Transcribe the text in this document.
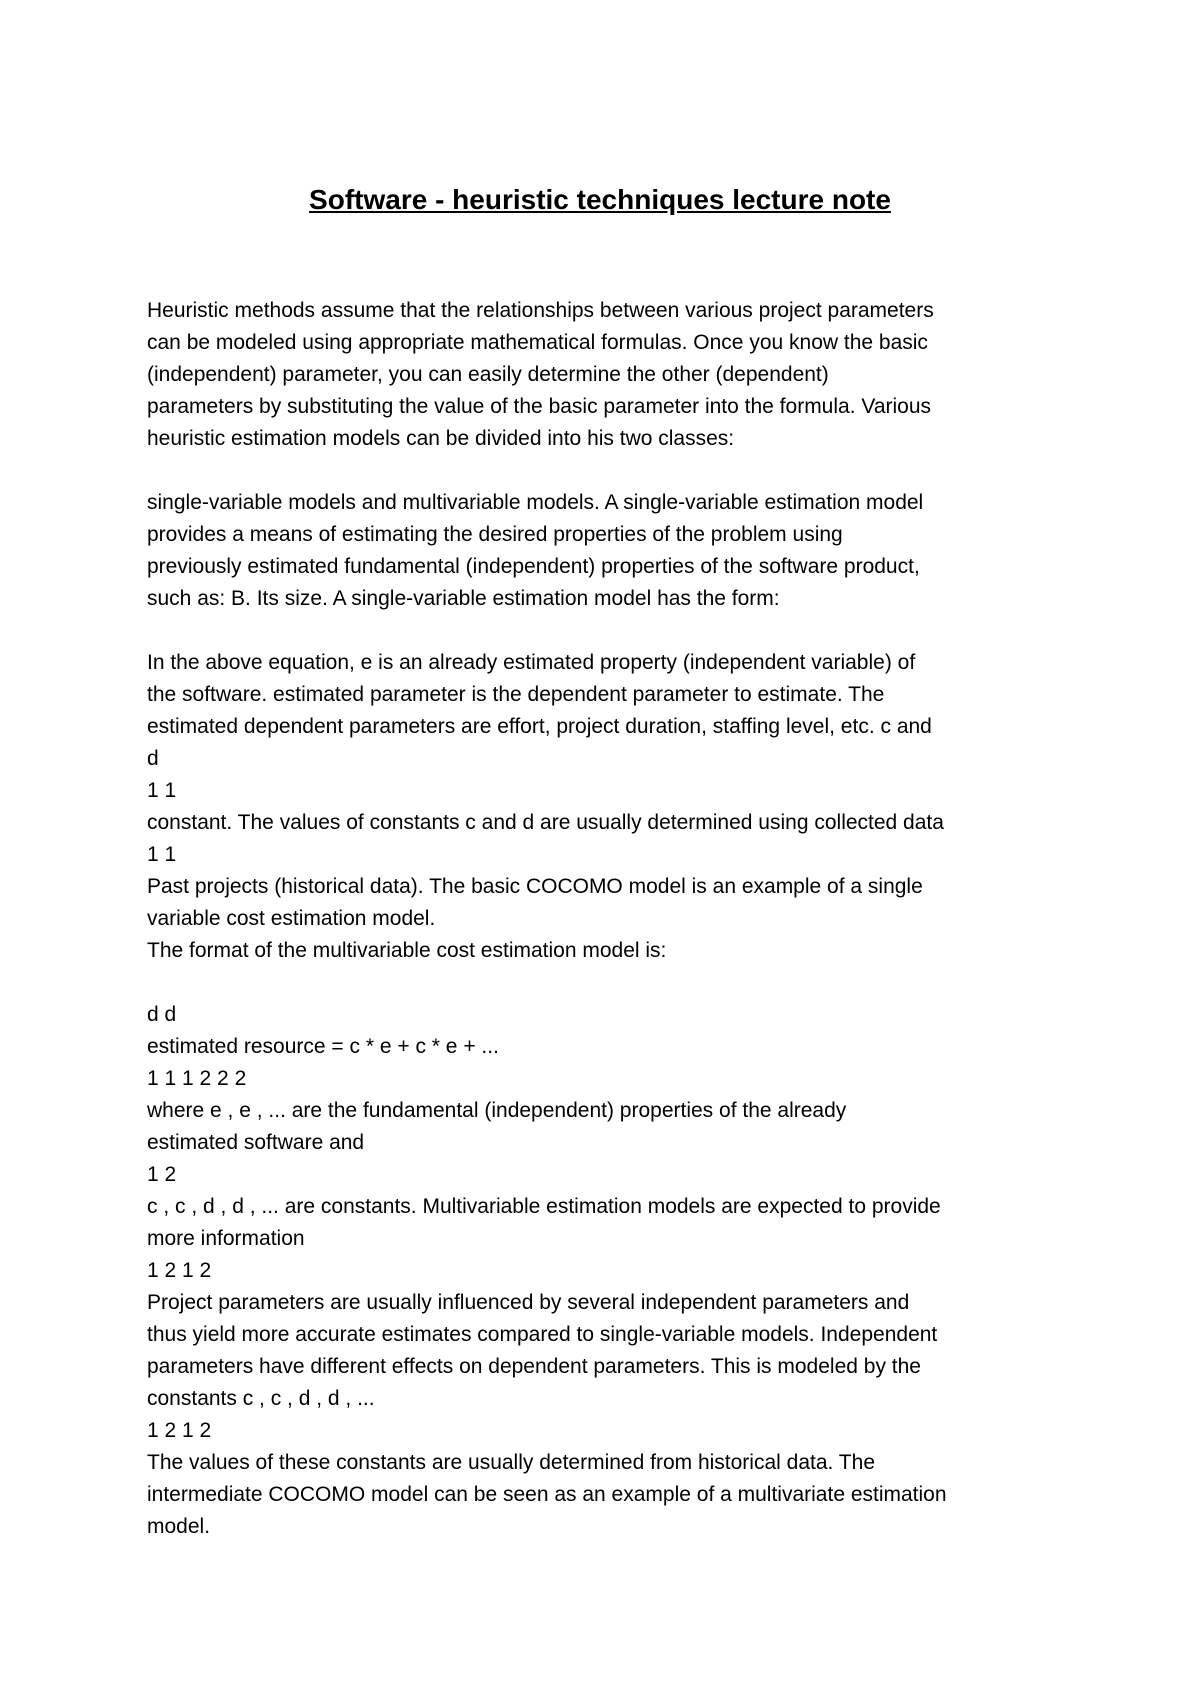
Software - heuristic techniques lecture note
Heuristic methods assume that the relationships between various project parameters
can be modeled using appropriate mathematical formulas. Once you know the basic
(independent) parameter, you can easily determine the other (dependent)
parameters by substituting the value of the basic parameter into the formula. Various
heuristic estimation models can be divided into his two classes:
single-variable models and multivariable models. A single-variable estimation model
provides a means of estimating the desired properties of the problem using
previously estimated fundamental (independent) properties of the software product,
such as: B. Its size. A single-variable estimation model has the form:
In the above equation, e is an already estimated property (independent variable) of
the software. estimated parameter is the dependent parameter to estimate. The
estimated dependent parameters are effort, project duration, staffing level, etc. c and
d
1 1
constant. The values of constants c and d are usually determined using collected data
1 1
Past projects (historical data). The basic COCOMO model is an example of a single
variable cost estimation model.
The format of the multivariable cost estimation model is:
d d
estimated resource = c * e + c * e + ...
1 1 1 2 2 2
where e , e , ... are the fundamental (independent) properties of the already
estimated software and
1 2
c , c , d , d , ... are constants. Multivariable estimation models are expected to provide
more information
1 2 1 2
Project parameters are usually influenced by several independent parameters and
thus yield more accurate estimates compared to single-variable models. Independent
parameters have different effects on dependent parameters. This is modeled by the
constants c , c , d , d , ...
1 2 1 2
The values of these constants are usually determined from historical data. The
intermediate COCOMO model can be seen as an example of a multivariate estimation
model.
